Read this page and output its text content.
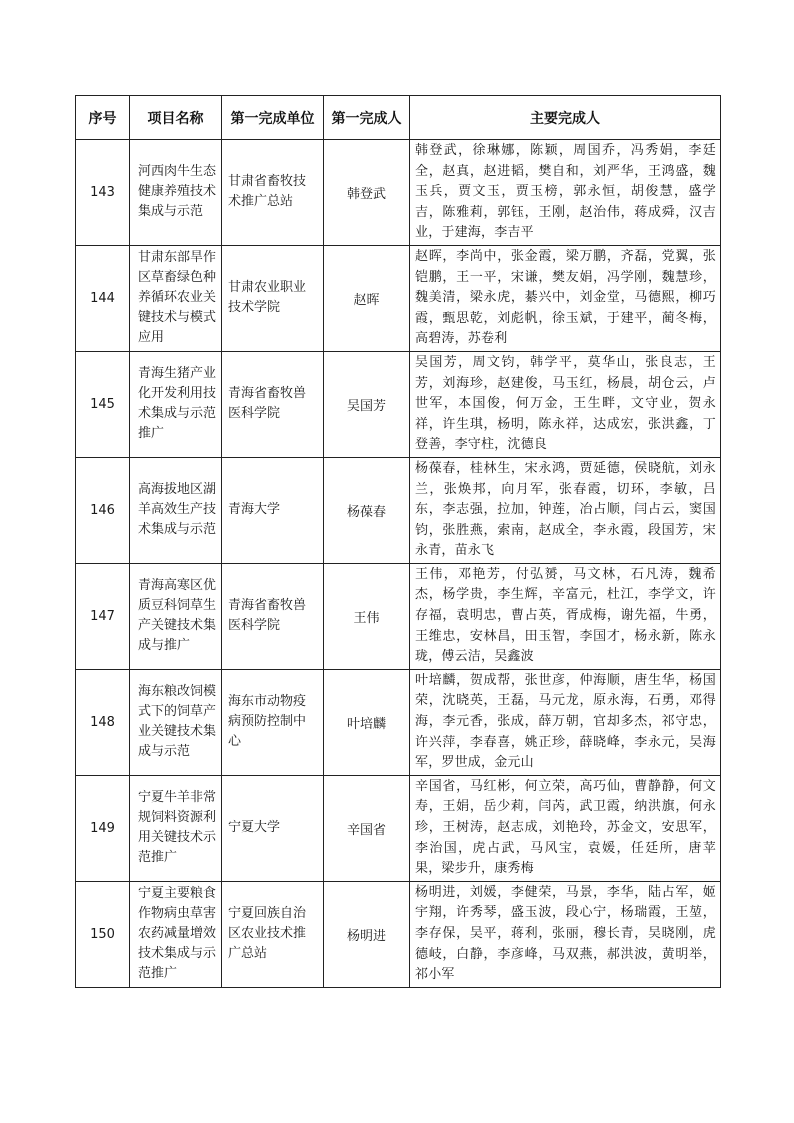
序号	项目名称	第一完成单位	第一完成人	主要完成人
143	河西肉牛生态健康养殖技术集成与示范	甘肃省畜牧技术推广总站	韩登武	韩登武，徐琳娜，陈颖，周国乔，冯秀娟，李廷全，赵真，赵进韬，樊自和，刘严华，王鸿盛，魏玉兵，贾文玉，贾玉榜，郭永恒，胡俊慧，盛学吉，陈雅莉，郭钰，王刚，赵治伟，蒋成舜，汉吉业，于建海，李吉平
144	甘肃东部旱作区草畜绿色种养循环农业关键技术与模式应用	甘肃农业职业技术学院	赵晖	赵晖，李尚中，张金霞，梁万鹏，齐磊，党翼，张铠鹏，王一平，宋谦，樊友娟，冯学刚，魏慧珍，魏美清，梁永虎，綦兴中，刘金堂，马德熙，柳巧霞，甄思乾，刘彪帆，徐玉斌，于建平，蔺冬梅，高碧涛，苏卷利
145	青海生猪产业化开发利用技术集成与示范推广	青海省畜牧兽医科学院	吴国芳	吴国芳，周文钧，韩学平，莫华山，张良志，王芳，刘海珍，赵建俊，马玉红，杨晨，胡仓云，卢世军，本国俊，何万金，王生畔，文守业，贺永祥，许生琪，杨明，陈永祥，达成宏，张洪鑫，丁登善，李守柱，沈德良
146	高海拔地区湖羊高效生产技术集成与示范	青海大学	杨葆春	杨葆春，桂林生，宋永鸿，贾延德，侯晓航，刘永兰，张焕邦，向月军，张春霞，切环，李敏，吕东，李志强，拉加，钟莲，冶占顺，闫占云，窦国钧，张胜燕，索南，赵成全，李永霞，段国芳，宋永青，苗永飞
147	青海高寒区优质豆科饲草生产关键技术集成与推广	青海省畜牧兽医科学院	王伟	王伟，邓艳芳，付弘赟，马文林，石凡涛，魏希杰，杨学贵，李生辉，辛富元，杜江，李学文，许存福，袁明忠，曹占英，胥成梅，谢先福，牛勇，王维忠，安林昌，田玉智，李国才，杨永新，陈永珑，傅云洁，吴鑫波
148	海东粮改饲模式下的饲草产业关键技术集成与示范	海东市动物疫病预防控制中心	叶培麟	叶培麟，贺成帮，张世彦，仲海顺，唐生华，杨国荣，沈晓英，王磊，马元龙，原永海，石勇，邓得海，李元香，张成，薛万朝，官却多杰，祁守忠，许兴萍，李春喜，姚正珍，薛晓峰，李永元，吴海军，罗世成，金元山
149	宁夏牛羊非常规饲料资源利用关键技术示范推广	宁夏大学	辛国省	辛国省，马红彬，何立荣，高巧仙，曹静静，何文寿，王娟，岳少莉，闫芮，武卫霞，纳洪旗，何永珍，王树涛，赵志成，刘艳玲，苏金文，安思军，李治国，虎占武，马风宝，袁媛，任廷所，唐苹果，梁步升，康秀梅
150	宁夏主要粮食作物病虫草害农药减量增效技术集成与示范推广	宁夏回族自治区农业技术推广总站	杨明进	杨明进，刘媛，李健荣，马景，李华，陆占军，姬宇翔，许秀琴，盛玉波，段心宁，杨瑞霞，王堃，李存保，吴平，蒋利，张丽，穆长青，吴晓刚，虎德岐，白静，李彦峰，马双燕，郝洪波，黄明举，祁小军
